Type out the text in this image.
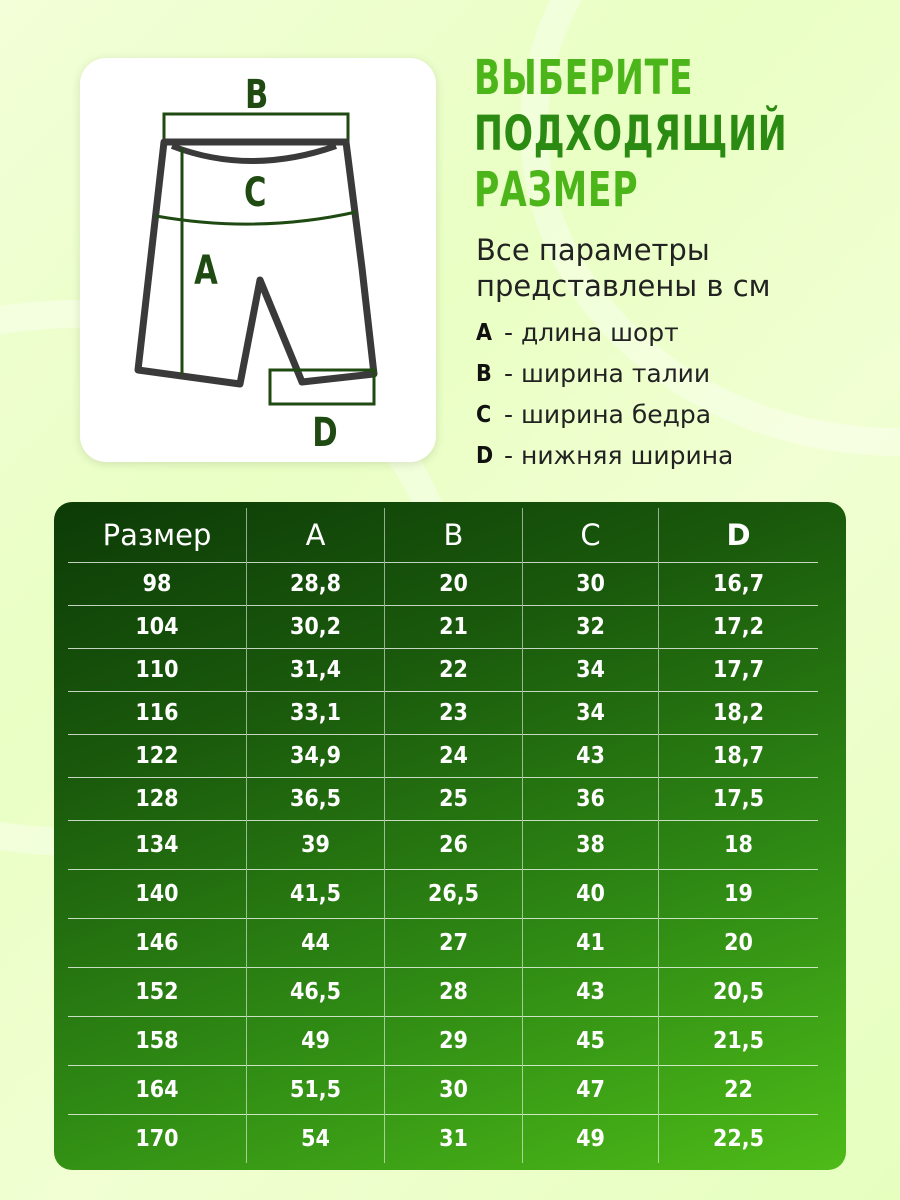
B
C
A
D
ВЫБЕРИТЕ
ПОДХОДЯЩИЙ
РАЗМЕР
Все параметры
представлены в см
A - длина шорт
B - ширина талии
C - ширина бедра
D - нижняя ширина
Размер	A	B	C	D
98	28,8	20	30	16,7
104	30,2	21	32	17,2
110	31,4	22	34	17,7
116	33,1	23	34	18,2
122	34,9	24	43	18,7
128	36,5	25	36	17,5
134	39	26	38	18
140	41,5	26,5	40	19
146	44	27	41	20
152	46,5	28	43	20,5
158	49	29	45	21,5
164	51,5	30	47	22
170	54	31	49	22,5
